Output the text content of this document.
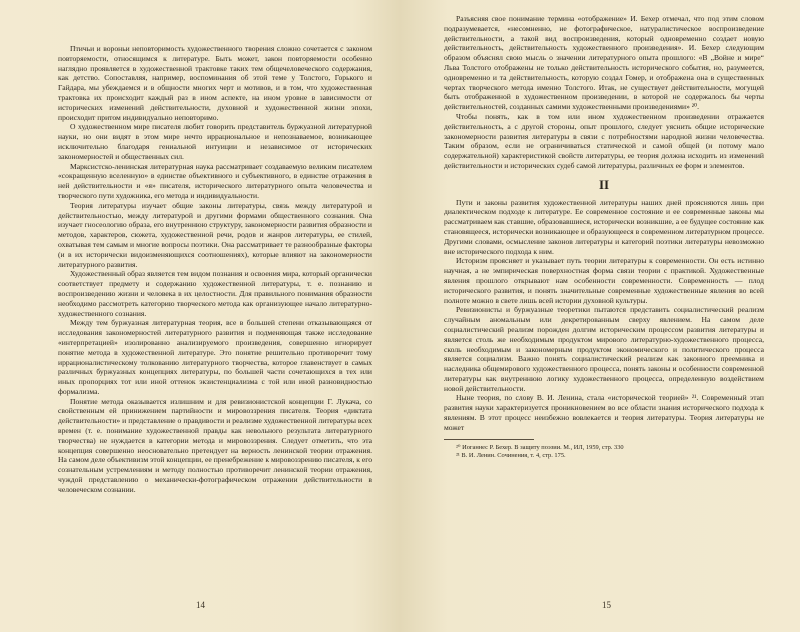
Птичьи и вороньи неповторимость художественного творения сложно сочетается с законом повторяемости, относящимся к литературе. Быть может, закон повторяемости особенно наглядно проявляется в художественной трактовке таких тем общечеловеческого содержания, как детство. Сопоставляя, например, воспоминания об этой теме у Толстого, Горького и Гайдара, мы убеждаемся и в общности многих черт и мотивов, и в том, что художественная трактовка их происходит каждый раз в ином аспекте, на ином уровне в зависимости от исторических изменений действительности, духовной и художественной жизни эпохи, происходит притом индивидуально неповторимо.

О художественном мире писателя любит говорить представитель буржуазной литературной науки, но они видят в этом мире нечто иррациональное и непознаваемое, возникающее исключительно благодаря гениальной интуиции и независимое от исторических закономерностей и общественных сил.

Марксистско-ленинская литературная наука рассматривает создаваемую великим писателем «сокращенную вселенную» в единстве объективного и субъективного, в единстве отражения в ней действительности и «я» писателя, исторического литературного опыта человечества и творческого пути художника, его метода и индивидуальности.

Теория литературы изучает общие законы литературы, связь между литературой и действительностью, между литературой и другими формами общественного сознания. Она изучает гносеологию образа, его внутреннюю структуру, закономерности развития образности и методов, характеров, сюжета, художественной речи, родов и жанров литературы, ее стилей, охватывая тем самым и многие вопросы поэтики. Она рассматривает те разнообразные факторы (и в их исторически видоизменяющихся соотношениях), которые влияют на закономерности литературного развития.

Художественный образ является тем видом познания и освоения мира, который органически соответствует предмету и содержанию художественной литературы, т. е. познанию и воспроизведению жизни и человека в их целостности. Для правильного понимания образности необходимо рассмотреть категорию творческого метода как организующее начало литературно-художественного сознания.

Между тем буржуазная литературная теория, все в большей степени отказывающаяся от исследования закономерностей литературного развития и подменяющая также исследование «интерпретацией» изолированно анализируемого произведения, совершенно игнорирует понятие метода в художественной литературе. Это понятие решительно противоречит тому иррационалистическому толкованию литературного творчества, которое главенствует в самых различных буржуазных концепциях литературы, по большей части сочетающихся в тех или иных пропорциях тот или иной оттенок экзистенциализма с той или иной разновидностью формализма.

Понятие метода оказывается излишним и для ревизионистской концепции Г. Лукача, со свойственным ей принижением партийности и мировоззрения писателя. Теория «диктата действительности» и представление о правдивости и реализме художественной литературы всех времен (т. е. понимание художественной правды как невольного результата литературного творчества) не нуждается в категории метода и мировоззрения. Следует отметить, что эта концепция совершенно неосновательно претендует на верность ленинской теории отражения. На самом деле объективизм этой концепции, ее пренебрежение к мировоззрению писателя, к его сознательным устремлениям и методу полностью противоречит ленинской теории отражения, чуждой представлению о механически-фотографическом отражении действительности в человеческом сознании.

14

Разъясняя свое понимание термина «отображение» И. Бехер отмечал, что под этим словом подразумевается, «несомненно, не фотографическое, натуралистическое воспроизведение действительности, а такой вид воспроизведения, который одновременно создает новую действительность, действительность художественного произведения». И. Бехер следующим образом объяснял свою мысль о значении литературного опыта прошлого: «В „Войне и мире“ Льва Толстого отображены не только действительность исторического события, но, разумеется, одновременно и та действительность, которую создал Гомер, и отображена она в существенных чертах творческого метода именно Толстого. Итак, не существует действительности, могущей быть отображенной в художественном произведении, в которой не содержалось бы черты действительностей, созданных самими художественными произведениями» ²⁰.

Чтобы понять, как в том или ином художественном произведении отражается действительность, а с другой стороны, опыт прошлого, следует уяснить общие исторические закономерности развития литературы в связи с потребностями народной жизни человечества. Таким образом, если не ограничиваться статической и самой общей (и потому мало содержательной) характеристикой свойств литературы, ее теория должна исходить из изменений действительности и исторических судеб самой литературы, различных ее форм и элементов.

II

Пути и законы развития художественной литературы наших дней проясняются лишь при диалектическом подходе к литературе. Ее современное состояние и ее современные законы мы рассматриваем как ставшие, образовавшиеся, исторически возникшие, а ее будущее состояние как становящееся, исторически возникающее и образующееся в современном литературном процессе. Другими словами, осмысление законов литературы и категорий поэтики литературы невозможно вне исторического подхода к ним.

Историзм проясняет и указывает путь теории литературы к современности. Он есть истинно научная, а не эмпирическая поверхностная форма связи теории с практикой. Художественные явления прошлого открывают нам особенности современности. Современность — плод исторического развития, и понять значительные современные художественные явления во всей полноте можно в свете лишь всей истории духовной культуры.

Ревизионисты и буржуазные теоретики пытаются представить социалистический реализм случайным аномальным или декретированным сверху явлением. На самом деле социалистический реализм порожден долгим историческим процессом развития литературы и является столь же необходимым продуктом мирового литературно-художественного процесса, сколь необходимым и закономерным продуктом экономического и политического процесса является социализм. Важно понять социалистический реализм как законного преемника и наследника общемирового художественного процесса, понять законы и особенности современной литературы как внутреннюю логику художественного процесса, определенную воздействием новой действительности.

Ныне теория, по слову В. И. Ленина, стала «исторической теорией» ²¹. Современный этап развития науки характеризуется проникновением во все области знания исторического подхода к явлениям. В этот процесс неизбежно вовлекается и теория литературы. Теория литературы не может

²⁰ Иоганнес Р. Бехер. В защиту поэзии. М., ИЛ, 1959, стр. 330

²¹ В. И. Ленин. Сочинения, т. 4, стр. 175.

15
